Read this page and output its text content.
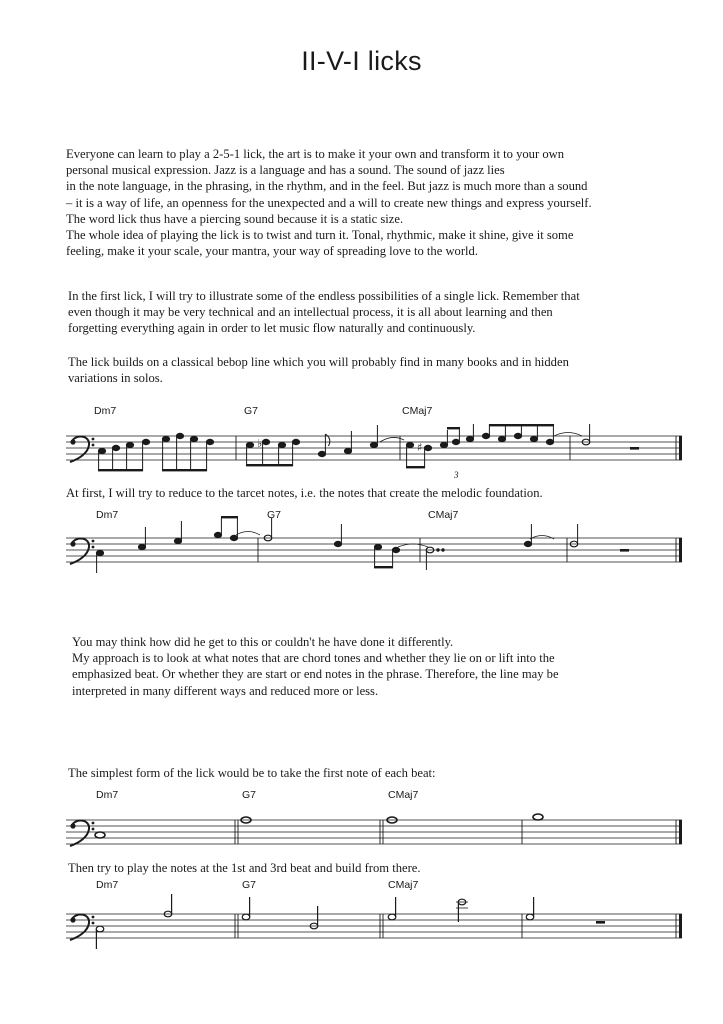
II-V-I licks

Everyone can learn to play a 2-5-1 lick, the art is to make it your own and transform it to your own
personal musical expression. Jazz is a language and has a sound. The sound of jazz lies
in the note language, in the phrasing, in the rhythm, and in the feel. But jazz is much more than a sound
– it is a way of life, an openness for the unexpected and a will to create new things and express yourself.
The word lick thus have a piercing sound because it is a static size.
The whole idea of playing the lick is to twist and turn it. Tonal, rhythmic, make it shine, give it some
feeling, make it your scale, your mantra, your way of spreading love to the world.

In the first lick, I will try to illustrate some of the endless possibilities of a single lick. Remember that
even though it may be very technical and an intellectual process, it is all about learning and then
forgetting everything again in order to let music flow naturally and continuously.

The lick builds on a classical bebop line which you will probably find in many books and in hidden
variations in solos.

Dm7	G7	CMaj7
♭	♯
3

At first, I will try to reduce to the tarcet notes, i.e. the notes that create the melodic foundation.

Dm7	G7	CMaj7

You may think how did he get to this or couldn't he have done it differently.
My approach is to look at what notes that are chord tones and whether they lie on or lift into the
emphasized beat. Or whether they are start or end notes in the phrase. Therefore, the line may be
interpreted in many different ways and reduced more or less.

The simplest form of the lick would be to take the first note of each beat:

Dm7	G7	CMaj7

Then try to play the notes at the 1st and 3rd beat and build from there.

Dm7	G7	CMaj7
